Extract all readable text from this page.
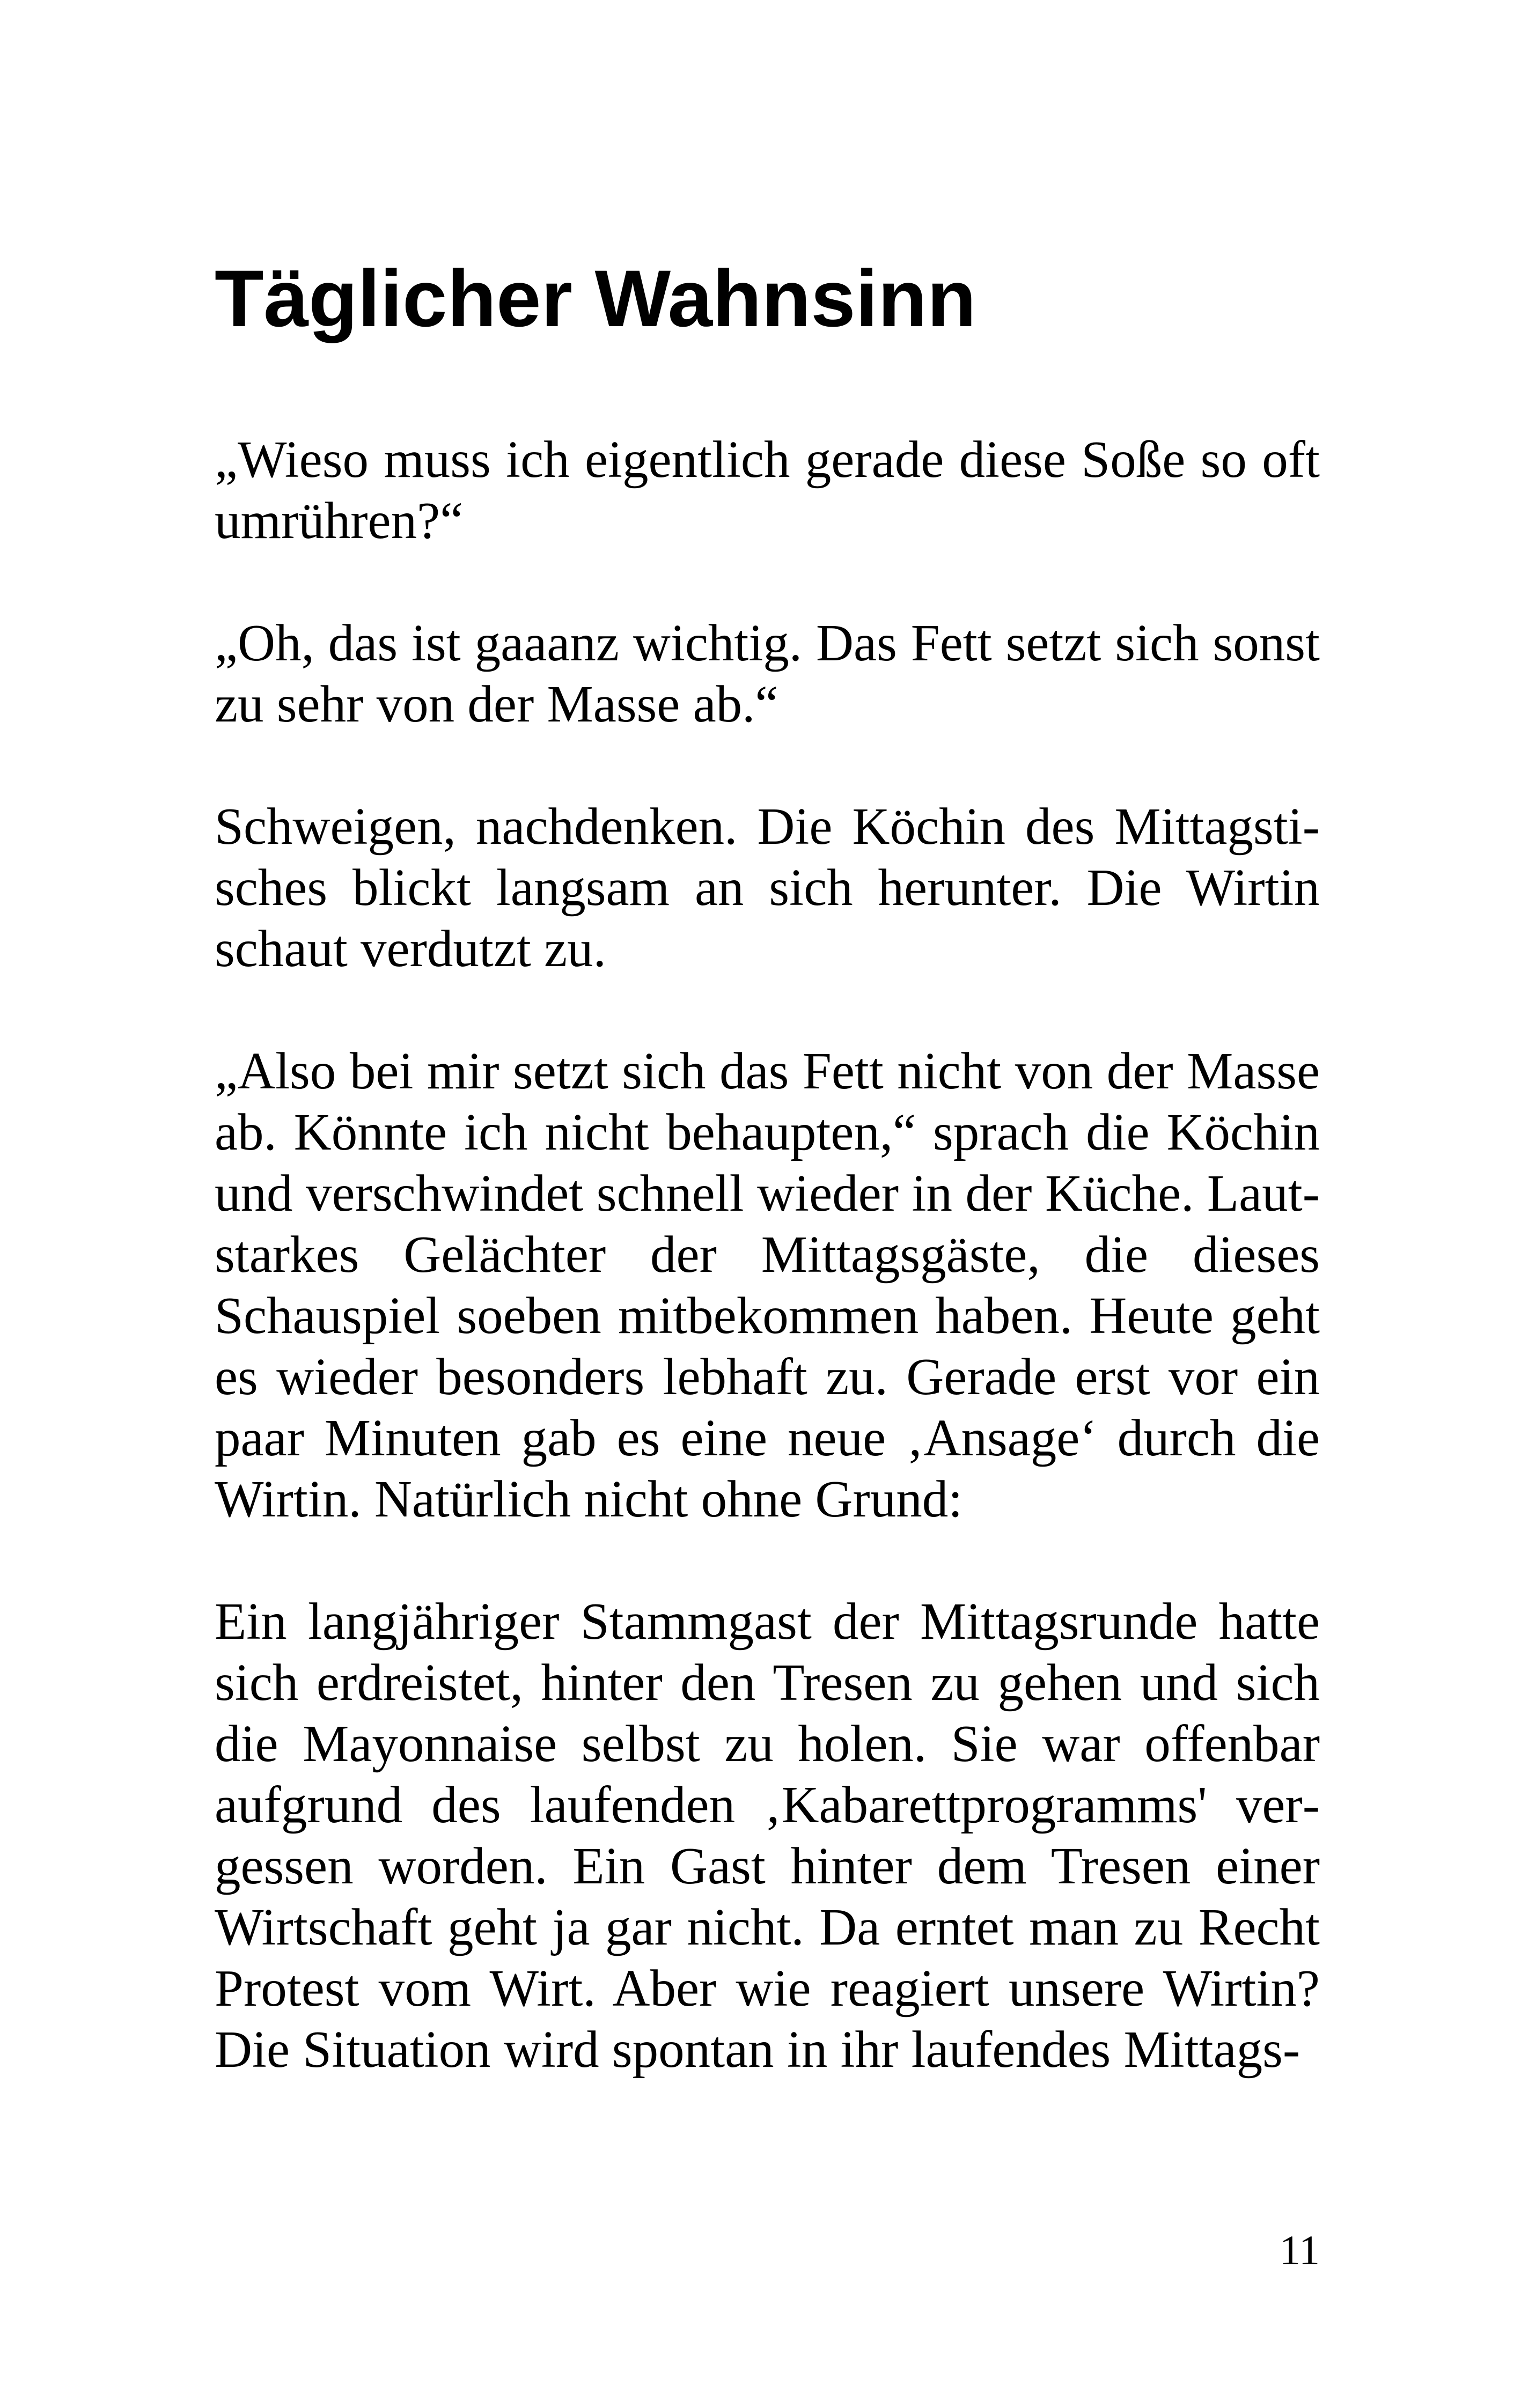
Täglicher Wahnsinn

„Wieso muss ich eigentlich gerade diese Soße so oft umrühren?“

„Oh, das ist gaaanz wichtig. Das Fett setzt sich sonst zu sehr von der Masse ab.“

Schweigen, nachdenken. Die Köchin des Mittagstisches blickt langsam an sich herunter. Die Wirtin schaut verdutzt zu.

„Also bei mir setzt sich das Fett nicht von der Masse ab. Könnte ich nicht behaupten,“ sprach die Köchin und verschwindet schnell wieder in der Küche. Lautstarkes Gelächter der Mittagsgäste, die dieses Schauspiel soeben mitbekommen haben. Heute geht es wieder besonders lebhaft zu. Gerade erst vor ein paar Minuten gab es eine neue ‚Ansage‘ durch die Wirtin. Natürlich nicht ohne Grund:

Ein langjähriger Stammgast der Mittagsrunde hatte sich erdreistet, hinter den Tresen zu gehen und sich die Mayonnaise selbst zu holen. Sie war offenbar aufgrund des laufenden ‚Kabarettprogramms' vergessen worden. Ein Gast hinter dem Tresen einer Wirtschaft geht ja gar nicht. Da erntet man zu Recht Protest vom Wirt. Aber wie reagiert unsere Wirtin? Die Situation wird spontan in ihr laufendes Mittags-

11
